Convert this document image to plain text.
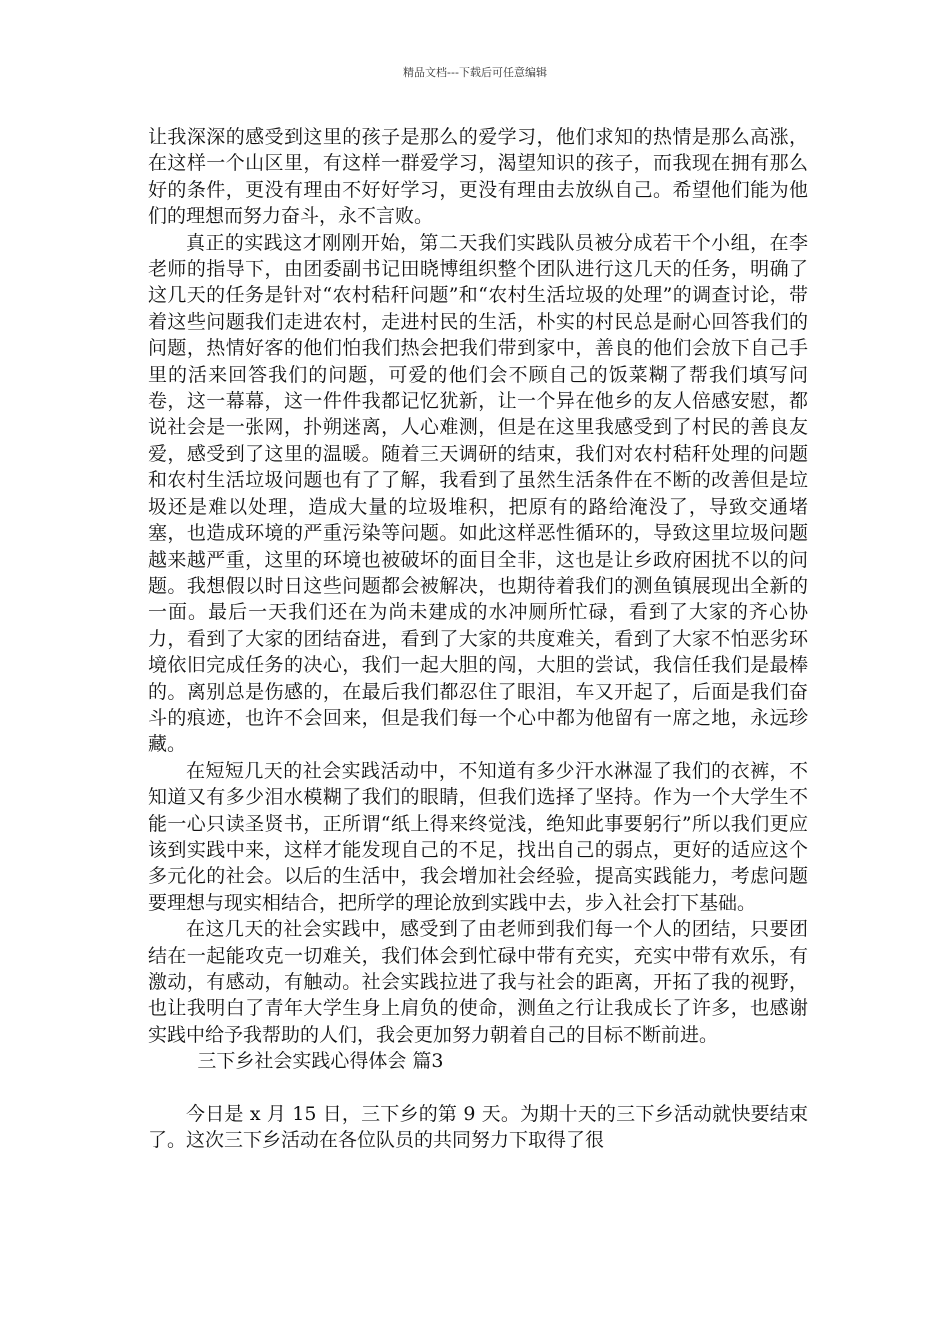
精品文档---下载后可任意编辑

让我深深的感受到这里的孩子是那么的爱学习，他们求知的热情是那么高涨，在这样一个山区里，有这样一群爱学习，渴望知识的孩子，而我现在拥有那么好的条件，更没有理由不好好学习，更没有理由去放纵自己。希望他们能为他们的理想而努力奋斗，永不言败。

真正的实践这才刚刚开始，第二天我们实践队员被分成若干个小组，在李老师的指导下，由团委副书记田晓博组织整个团队进行这几天的任务，明确了这几天的任务是针对“农村秸秆问题”和“农村生活垃圾的处理”的调查讨论，带着这些问题我们走进农村，走进村民的生活，朴实的村民总是耐心回答我们的问题，热情好客的他们怕我们热会把我们带到家中，善良的他们会放下自己手里的活来回答我们的问题，可爱的他们会不顾自己的饭菜糊了帮我们填写问卷，这一幕幕，这一件件我都记忆犹新，让一个异在他乡的友人倍感安慰，都说社会是一张网，扑朔迷离，人心难测，但是在这里我感受到了村民的善良友爱，感受到了这里的温暖。随着三天调研的结束，我们对农村秸秆处理的问题和农村生活垃圾问题也有了了解，我看到了虽然生活条件在不断的改善但是垃圾还是难以处理，造成大量的垃圾堆积，把原有的路给淹没了，导致交通堵塞，也造成环境的严重污染等问题。如此这样恶性循环的，导致这里垃圾问题越来越严重，这里的环境也被破坏的面目全非，这也是让乡政府困扰不以的问题。我想假以时日这些问题都会被解决，也期待着我们的测鱼镇展现出全新的一面。最后一天我们还在为尚未建成的水冲厕所忙碌，看到了大家的齐心协力，看到了大家的团结奋进，看到了大家的共度难关，看到了大家不怕恶劣环境依旧完成任务的决心，我们一起大胆的闯，大胆的尝试，我信任我们是最棒的。离别总是伤感的，在最后我们都忍住了眼泪，车又开起了，后面是我们奋斗的痕迹，也许不会回来，但是我们每一个心中都为他留有一席之地，永远珍藏。

在短短几天的社会实践活动中，不知道有多少汗水淋湿了我们的衣裤，不知道又有多少泪水模糊了我们的眼睛，但我们选择了坚持。作为一个大学生不能一心只读圣贤书，正所谓“纸上得来终觉浅，绝知此事要躬行”所以我们更应该到实践中来，这样才能发现自己的不足，找出自己的弱点，更好的适应这个多元化的社会。以后的生活中，我会增加社会经验，提高实践能力，考虑问题要理想与现实相结合，把所学的理论放到实践中去，步入社会打下基础。

在这几天的社会实践中，感受到了由老师到我们每一个人的团结，只要团结在一起能攻克一切难关，我们体会到忙碌中带有充实，充实中带有欢乐，有激动，有感动，有触动。社会实践拉进了我与社会的距离，开拓了我的视野，也让我明白了青年大学生身上肩负的使命，测鱼之行让我成长了许多，也感谢实践中给予我帮助的人们，我会更加努力朝着自己的目标不断前进。

三下乡社会实践心得体会 篇3

今日是 x 月 15 日，三下乡的第 9 天。为期十天的三下乡活动就快要结束了。这次三下乡活动在各位队员的共同努力下取得了很
